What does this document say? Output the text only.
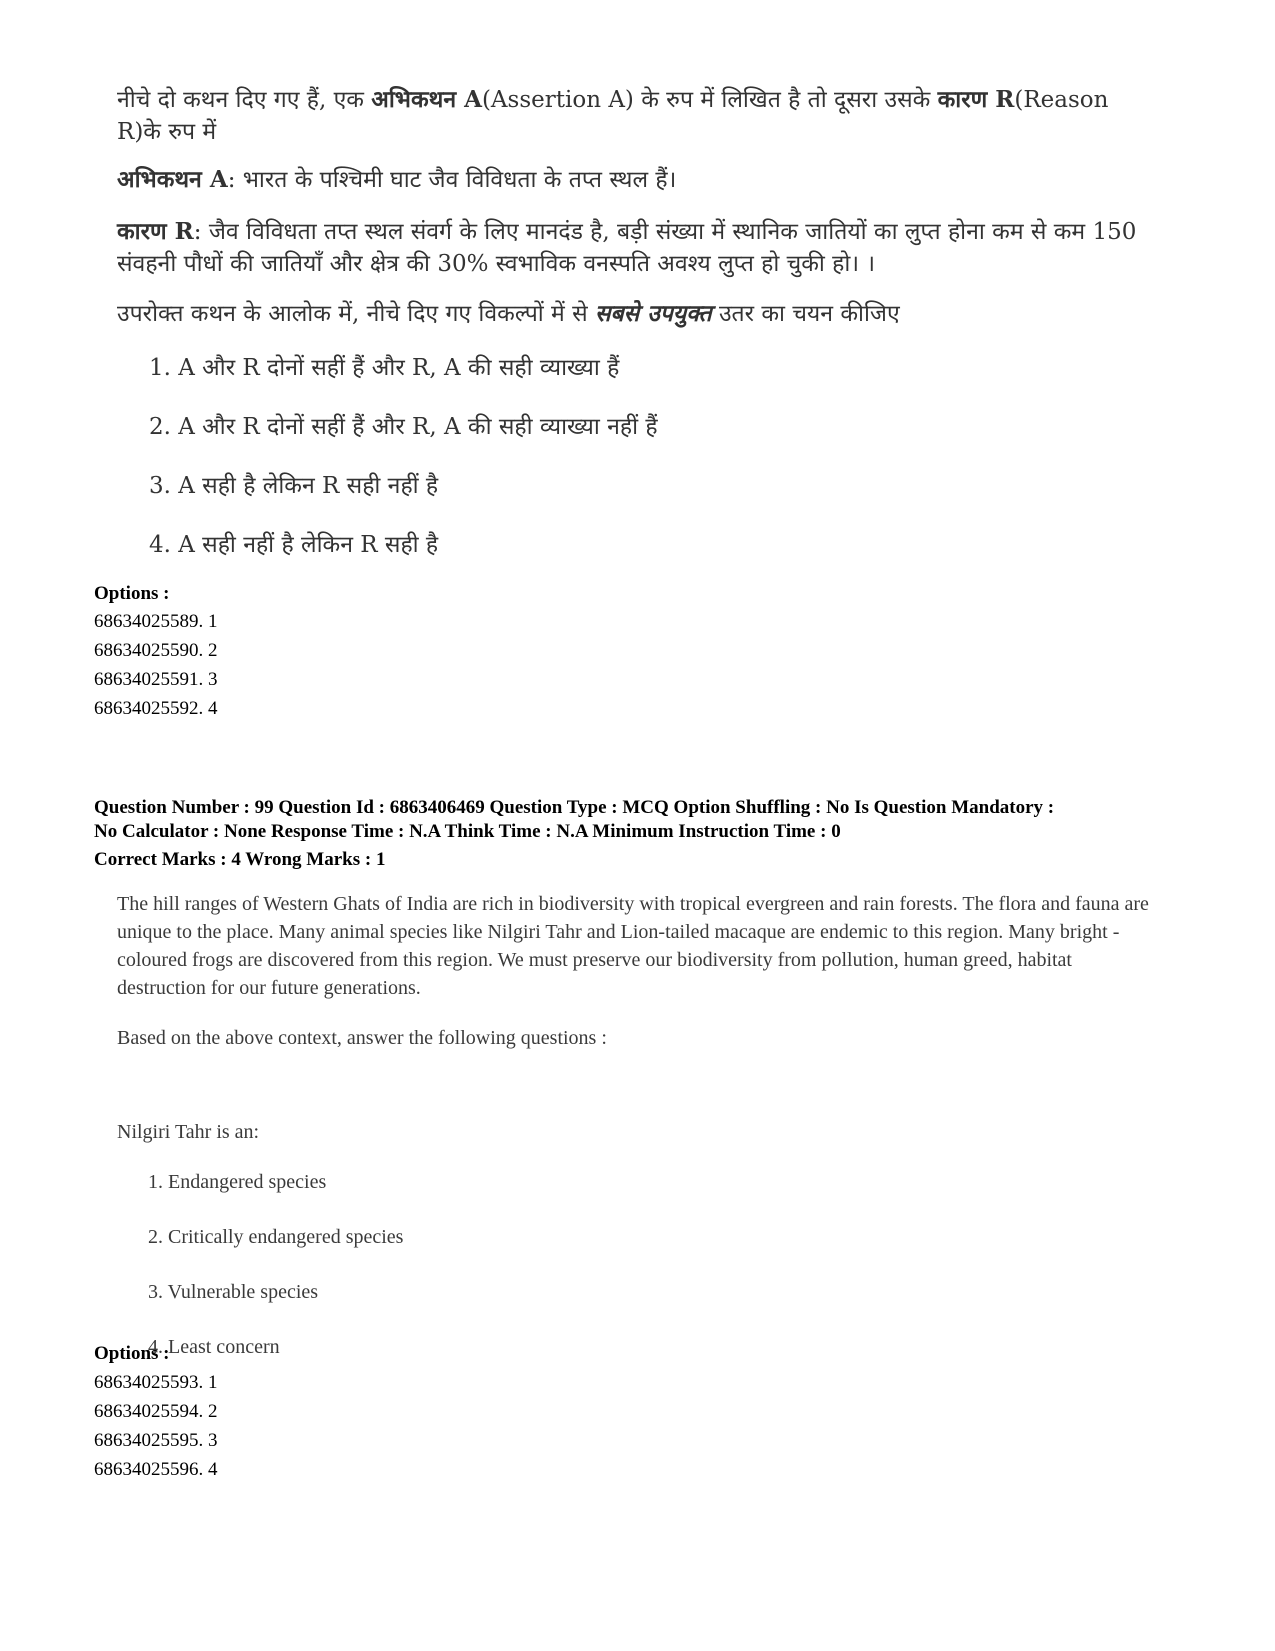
नीचे दो कथन दिए गए हैं, एक अभिकथन A(Assertion A) के रुप में लिखित है तो दूसरा उसके कारण R(Reason R)के रुप में

अभिकथन A: भारत के पश्चिमी घाट जैव विविधता के तप्त स्थल हैं।

कारण R: जैव विविधता तप्त स्थल संवर्ग के लिए मानदंड है, बड़ी संख्या में स्थानिक जातियों का लुप्त होना कम से कम 150 संवहनी पौधों की जातियाँ और क्षेत्र की 30% स्वभाविक वनस्पति अवश्य लुप्त हो चुकी हो। ।

उपरोक्त कथन के आलोक में, नीचे दिए गए विकल्पों में से सबसे उपयुक्त उतर का चयन कीजिए

1. A और R दोनों सहीं हैं और R, A की सही व्याख्या हैं
2. A और R दोनों सहीं हैं और R, A की सही व्याख्या नहीं हैं
3. A सही है लेकिन R सही नहीं है
4. A सही नहीं है लेकिन R सही है
Options :
68634025589. 1
68634025590. 2
68634025591. 3
68634025592. 4

Question Number : 99 Question Id : 6863406469 Question Type : MCQ Option Shuffling : No Is Question Mandatory :

No Calculator : None Response Time : N.A Think Time : N.A Minimum Instruction Time : 0

Correct Marks : 4 Wrong Marks : 1

The hill ranges of Western Ghats of India are rich in biodiversity with tropical evergreen and rain forests. The flora and fauna are unique to the place. Many animal species like Nilgiri Tahr and Lion-tailed macaque are endemic to this region. Many bright - coloured frogs are discovered from this region. We must preserve our biodiversity from pollution, human greed, habitat destruction for our future generations.

Based on the above context, answer the following questions :

Nilgiri Tahr is an:

1. Endangered species
2. Critically endangered species
3. Vulnerable species
4. Least concern
Options :
68634025593. 1
68634025594. 2
68634025595. 3
68634025596. 4
